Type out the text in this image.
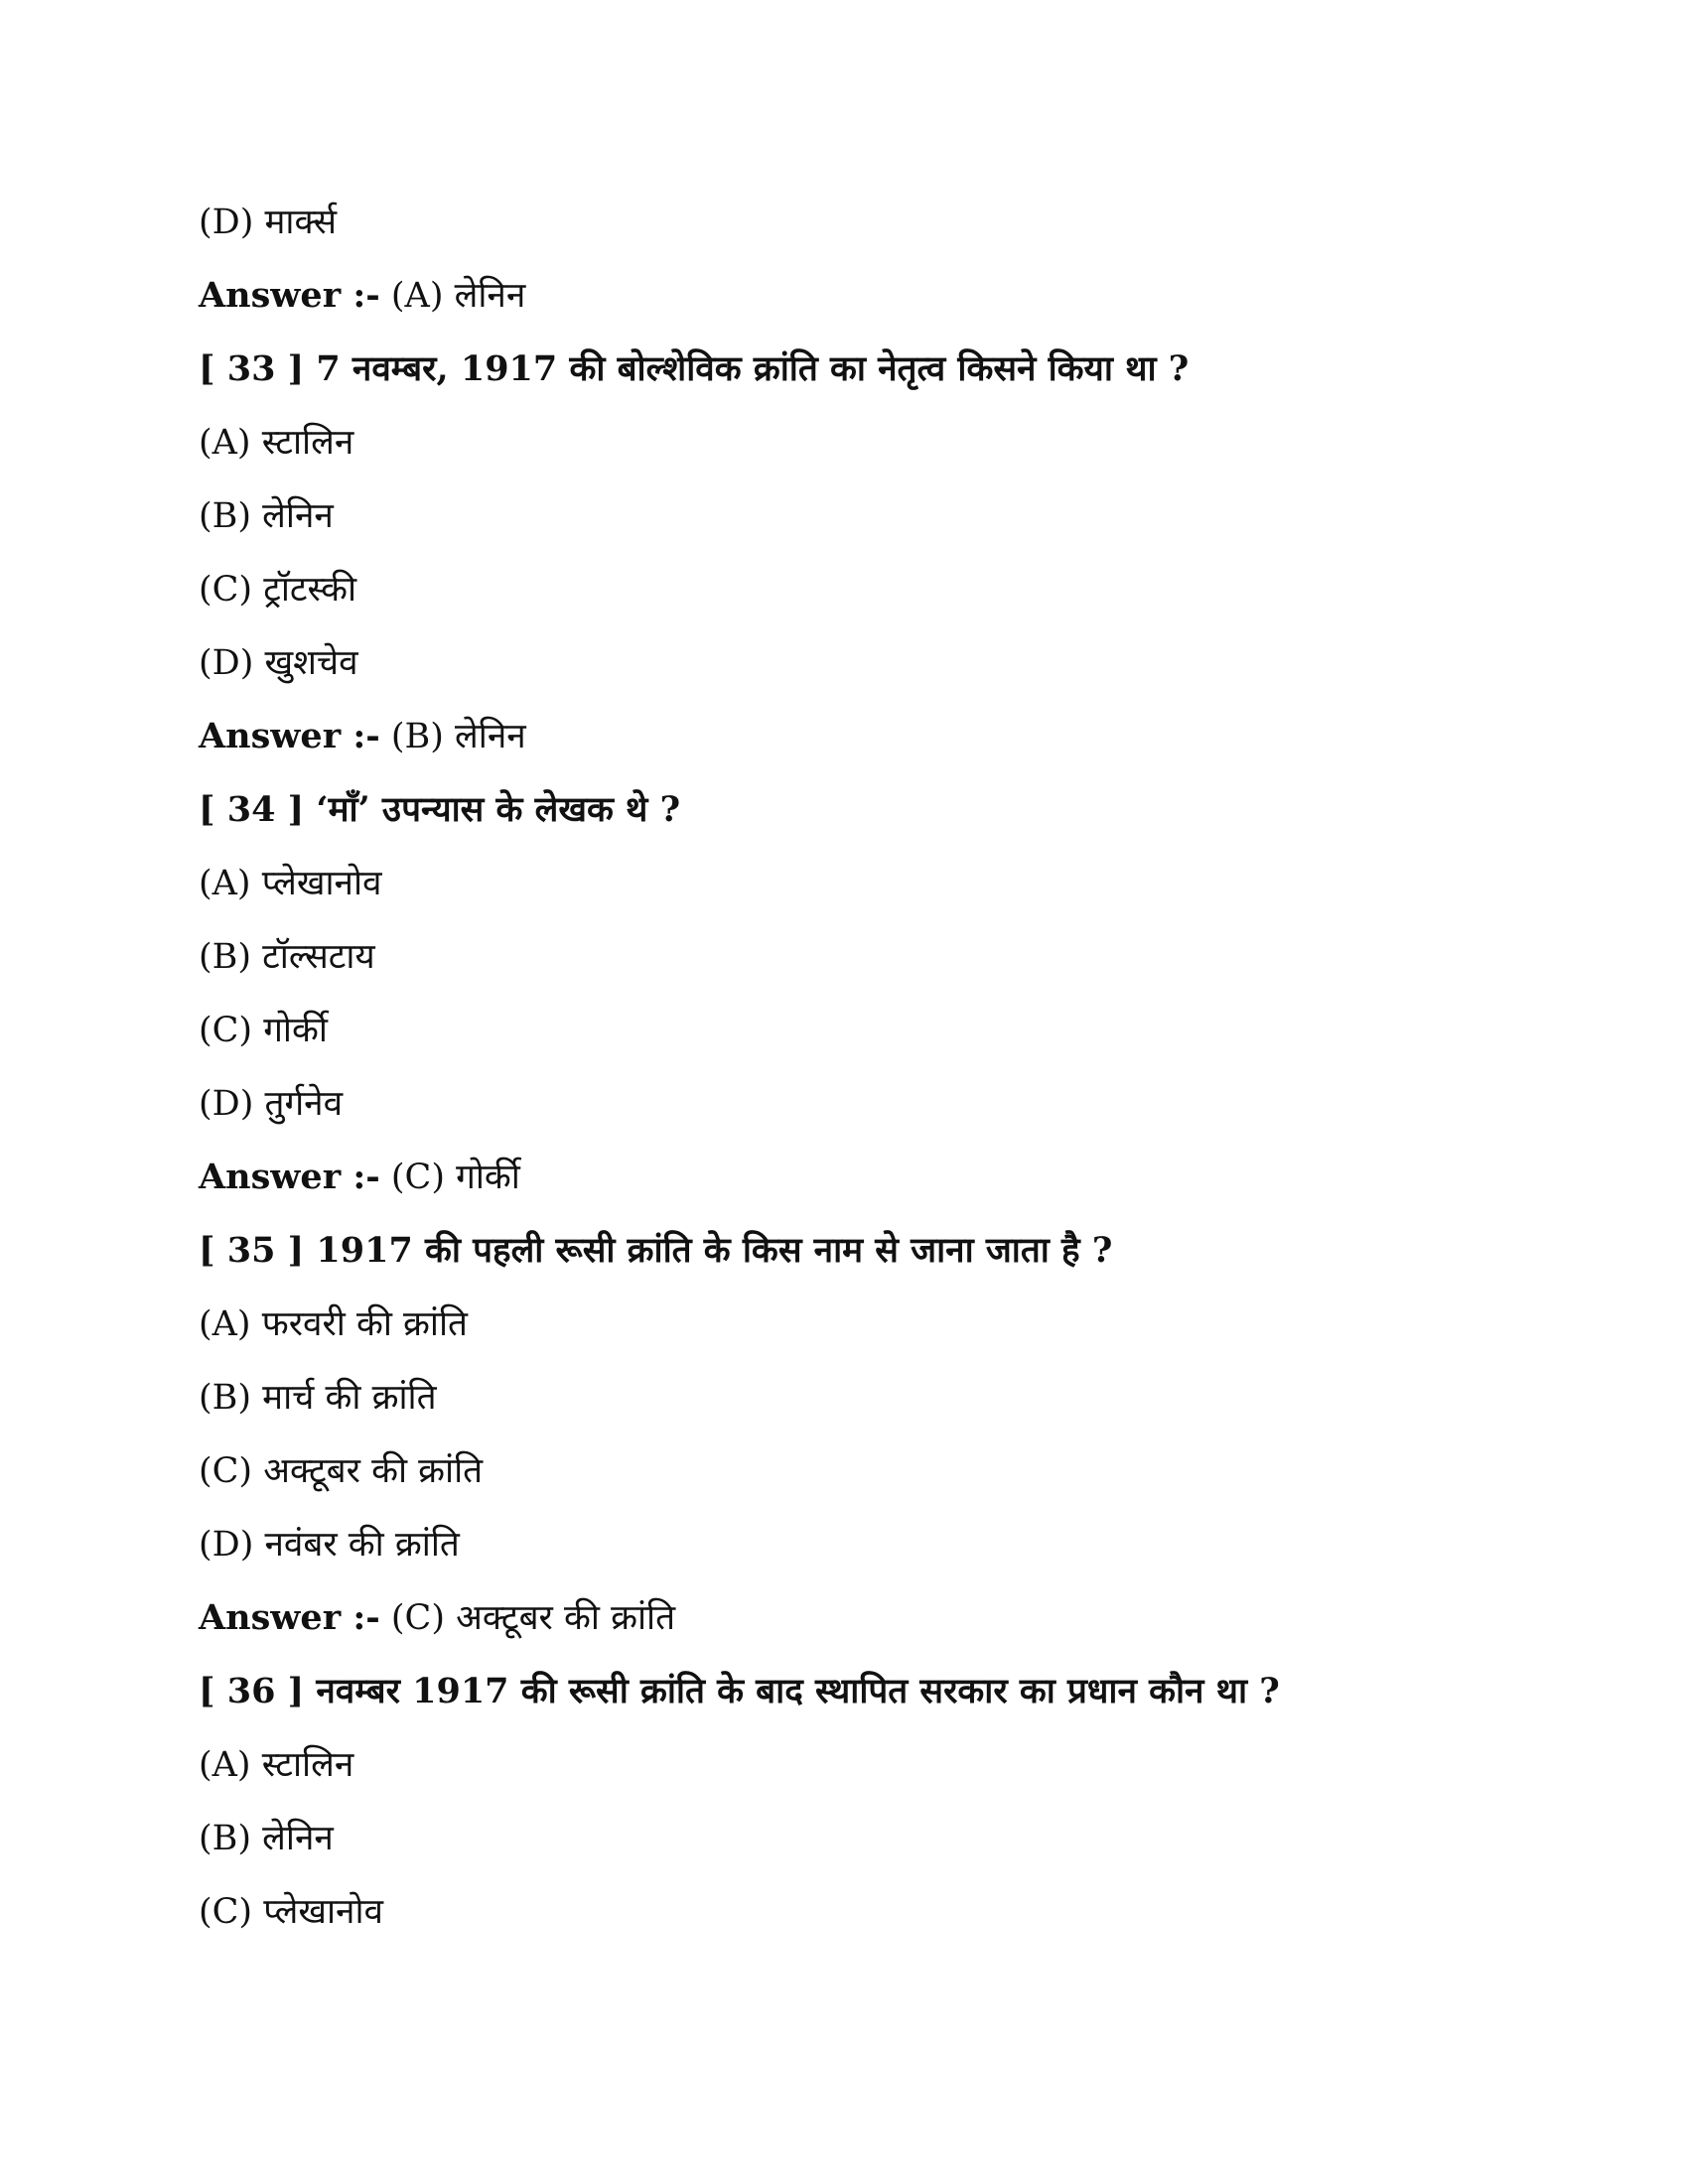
(D) मार्क्स
Answer :- (A) लेनिन
[ 33 ] 7 नवम्बर, 1917 की बोल्शेविक क्रांति का नेतृत्व किसने किया था ?
(A) स्टालिन
(B) लेनिन
(C) ट्रॉटस्की
(D) खुशचेव
Answer :- (B) लेनिन
[ 34 ] ‘माँ’ उपन्यास के लेखक थे ?
(A) प्लेखानोव
(B) टॉल्सटाय
(C) गोर्की
(D) तुर्गनेव
Answer :- (C) गोर्की
[ 35 ] 1917 की पहली रूसी क्रांति के किस नाम से जाना जाता है ?
(A) फरवरी की क्रांति
(B) मार्च की क्रांति
(C) अक्टूबर की क्रांति
(D) नवंबर की क्रांति
Answer :- (C) अक्टूबर की क्रांति
[ 36 ] नवम्बर 1917 की रूसी क्रांति के बाद स्थापित सरकार का प्रधान कौन था ?
(A) स्टालिन
(B) लेनिन
(C) प्लेखानोव
